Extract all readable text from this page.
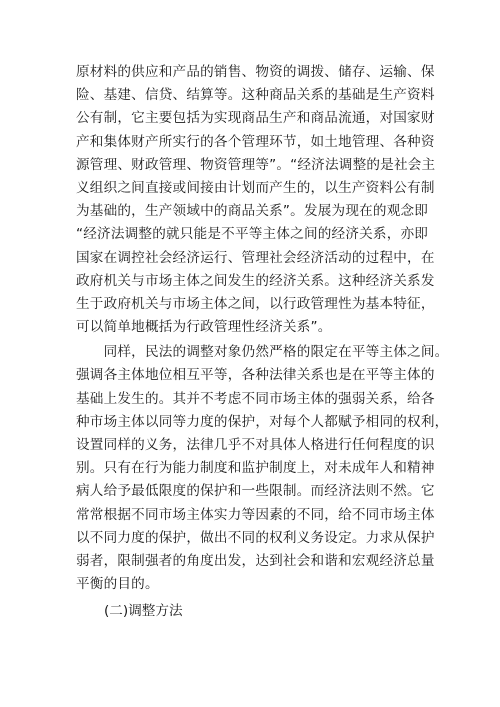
原材料的供应和产品的销售、物资的调拨、储存、运输、保
险、基建、信贷、结算等。这种商品关系的基础是生产资料
公有制，它主要包括为实现商品生产和商品流通，对国家财
产和集体财产所实行的各个管理环节，如土地管理、各种资
源管理、财政管理、物资管理等”。“经济法调整的是社会主
义组织之间直接或间接由计划而产生的，以生产资料公有制
为基础的，生产领域中的商品关系”。发展为现在的观念即
“经济法调整的就只能是不平等主体之间的经济关系，亦即
国家在调控社会经济运行、管理社会经济活动的过程中，在
政府机关与市场主体之间发生的经济关系。这种经济关系发
生于政府机关与市场主体之间，以行政管理性为基本特征，
可以简单地概括为行政管理性经济关系”。
　　同样，民法的调整对象仍然严格的限定在平等主体之间。
强调各主体地位相互平等，各种法律关系也是在平等主体的
基础上发生的。其并不考虑不同市场主体的强弱关系，给各
种市场主体以同等力度的保护，对每个人都赋予相同的权利，
设置同样的义务，法律几乎不对具体人格进行任何程度的识
别。只有在行为能力制度和监护制度上，对未成年人和精神
病人给予最低限度的保护和一些限制。而经济法则不然。它
常常根据不同市场主体实力等因素的不同，给不同市场主体
以不同力度的保护，做出不同的权利义务设定。力求从保护
弱者，限制强者的角度出发，达到社会和谐和宏观经济总量
平衡的目的。
(二)调整方法
